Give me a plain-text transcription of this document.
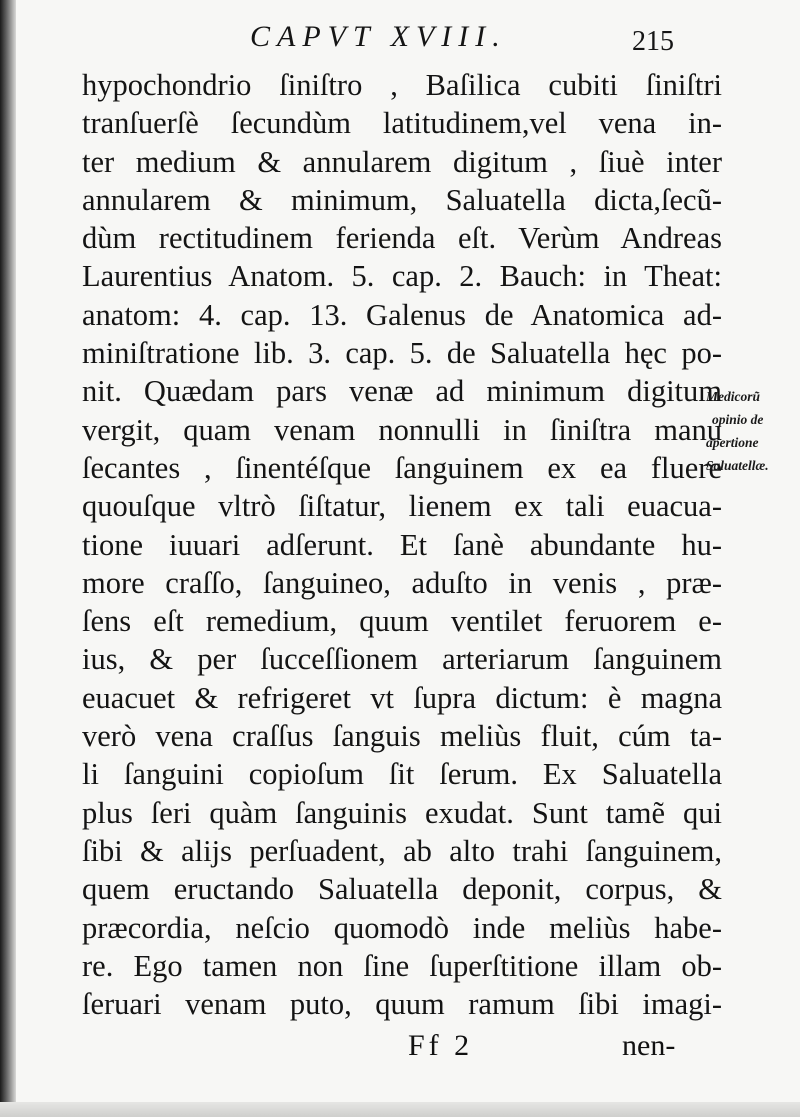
CAPVT XVIII.	215
hypochondrio ſiniſtro , Baſilica cubiti ſiniſtri
tranſuerſè ſecundùm latitudinem,vel vena in-
ter medium & annularem digitum , ſiuè inter
annularem & minimum, Saluatella dicta,ſecũ-
dùm rectitudinem ferienda eſt. Verùm Andreas
Laurentius Anatom. 5. cap. 2. Bauch: in Theat:
anatom: 4. cap. 13. Galenus de Anatomica ad-
miniſtratione lib. 3. cap. 5. de Saluatella hęc po-
nit. Quædam pars venæ ad minimum digitum
vergit, quam venam nonnulli in ſiniſtra manu
ſecantes , ſinentéſque ſanguinem ex ea fluere
quouſque vltrò ſiſtatur, lienem ex tali euacua-
tione iuuari adſerunt. Et ſanè abundante hu-
more craſſo, ſanguineo, aduſto in venis , præ-
ſens eſt remedium, quum ventilet feruorem e-
ius, & per ſucceſſionem arteriarum ſanguinem
euacuet & refrigeret vt ſupra dictum: è magna
verò vena craſſus ſanguis meliùs fluit, cúm ta-
li ſanguini copioſum ſit ſerum. Ex Saluatella
plus ſeri quàm ſanguinis exudat. Sunt tamẽ qui
ſibi & alijs perſuadent, ab alto trahi ſanguinem,
quem eructando Saluatella deponit, corpus, &
præcordia, neſcio quomodò inde meliùs habe-
re. Ego tamen non ſine ſuperſtitione illam ob-
ſeruari venam puto, quum ramum ſibi imagi-
Medicorũ
opinio de
apertione
Saluatellæ.
Ff 2	nen-
